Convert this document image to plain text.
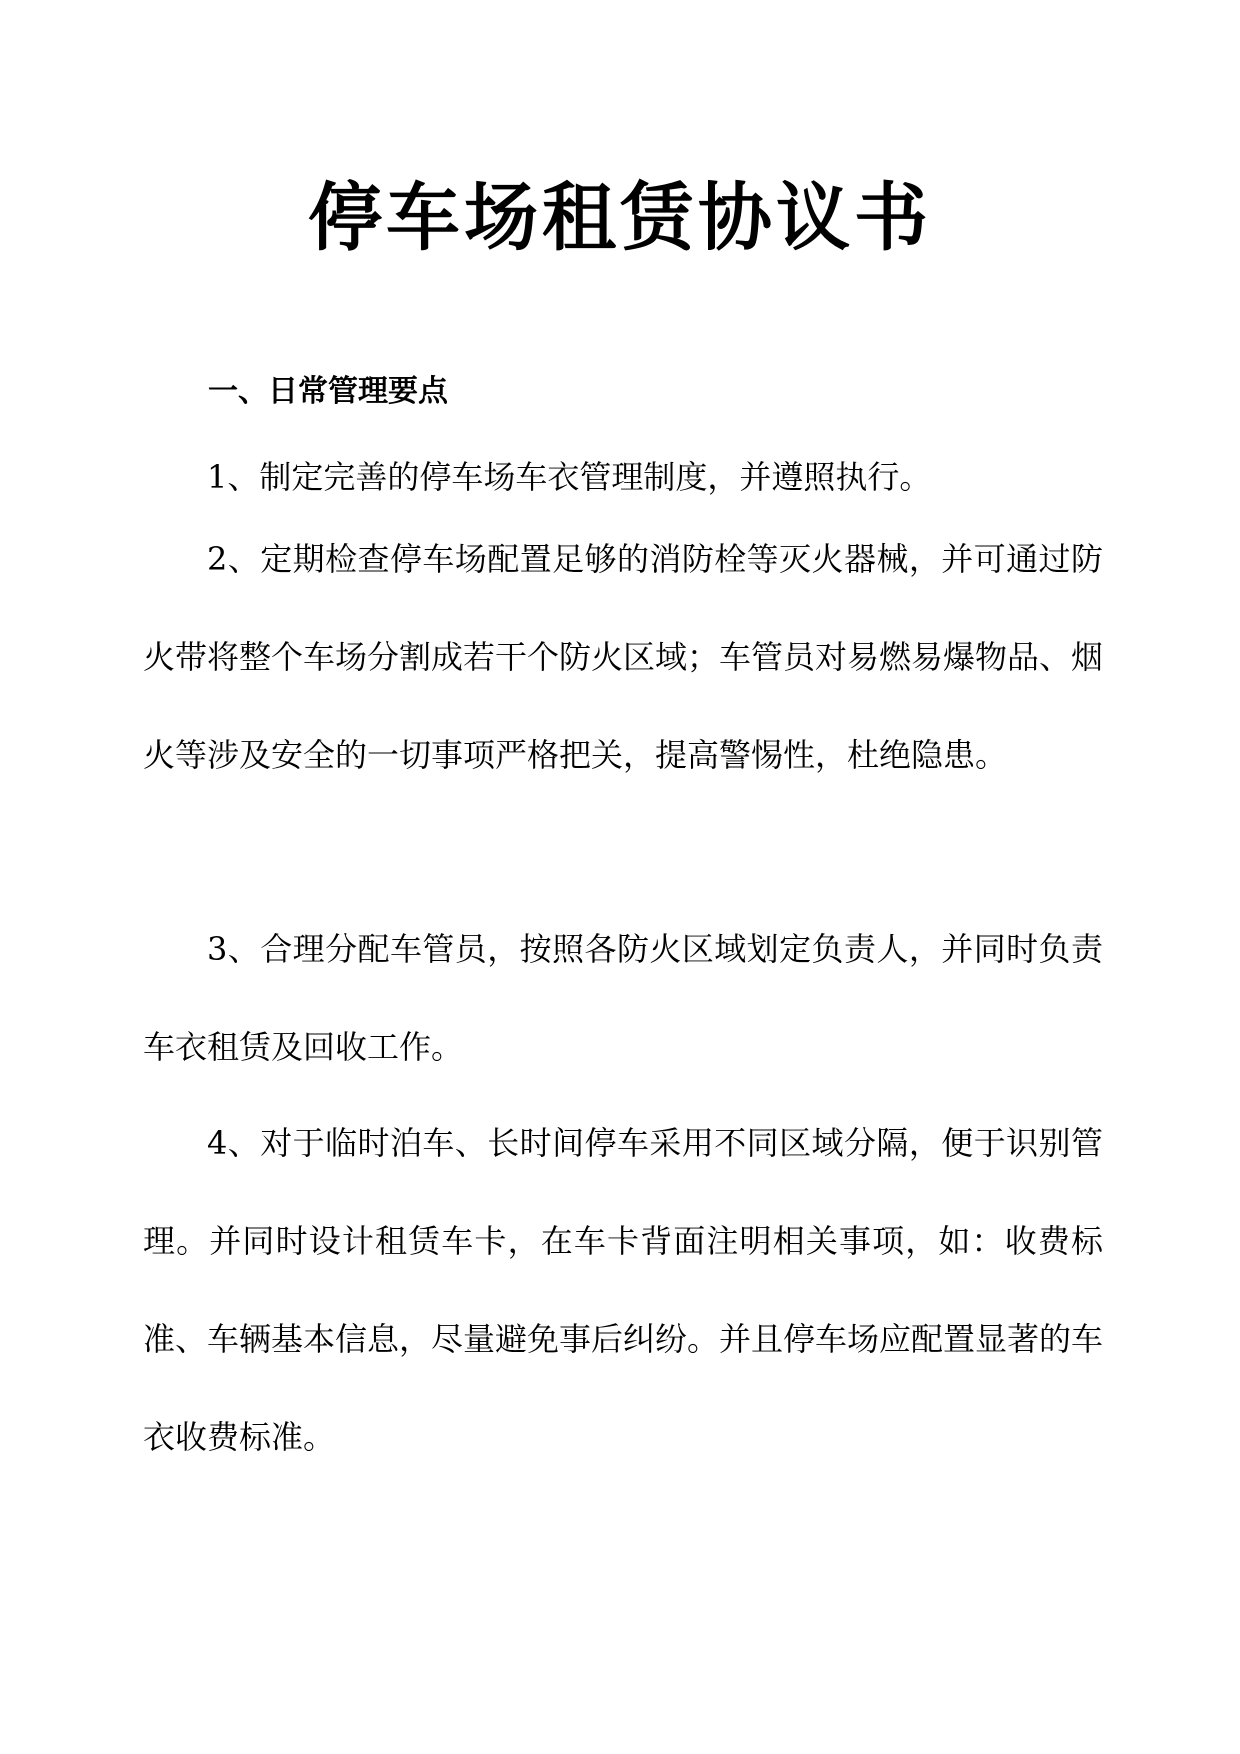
停车场租赁协议书
一、日常管理要点

1、制定完善的停车场车衣管理制度，并遵照执行。

2、定期检查停车场配置足够的消防栓等灭火器械，并可通过防火带将整个车场分割成若干个防火区域；车管员对易燃易爆物品、烟火等涉及安全的一切事项严格把关，提高警惕性，杜绝隐患。

3、合理分配车管员，按照各防火区域划定负责人，并同时负责车衣租赁及回收工作。

4、对于临时泊车、长时间停车采用不同区域分隔，便于识别管理。并同时设计租赁车卡，在车卡背面注明相关事项，如：收费标准、车辆基本信息，尽量避免事后纠纷。并且停车场应配置显著的车衣收费标准。
